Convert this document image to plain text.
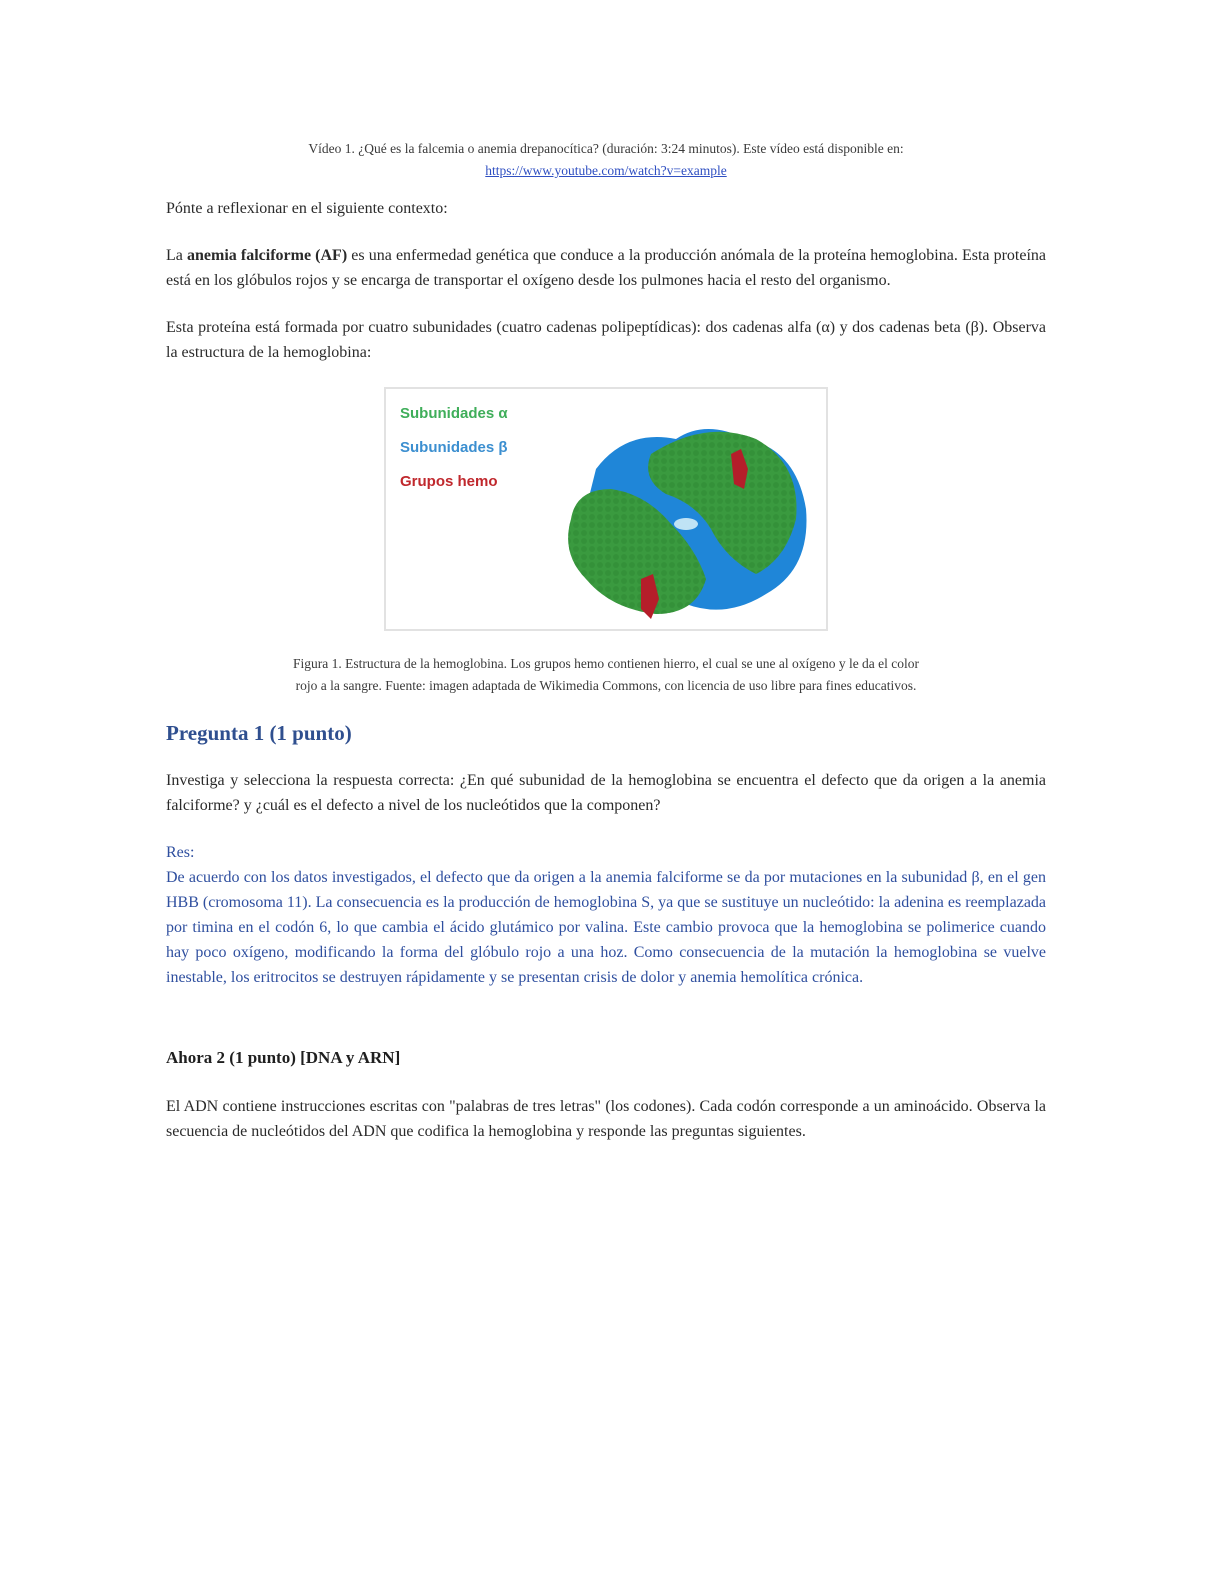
Vídeo 1. ¿Qué es la falcemia o anemia drepanocítica? (duración: 3:24 minutos). Este vídeo está disponible en:
https://www.youtube.com/watch?v=example

Pónte a reflexionar en el siguiente contexto:

La anemia falciforme (AF) es una enfermedad genética que conduce a la producción anómala de la proteína hemoglobina. Esta proteína está en los glóbulos rojos y se encarga de transportar el oxígeno desde los pulmones hacia el resto del organismo.

Esta proteína está formada por cuatro subunidades (cuatro cadenas polipeptídicas): dos cadenas alfa (α) y dos cadenas beta (β). Observa la estructura de la hemoglobina:

Subunidades α
Subunidades β
Grupos hemo
Figura 1. Estructura de la hemoglobina. Los grupos hemo contienen hierro, el cual se une al oxígeno y le da el color rojo a la sangre. Fuente: imagen adaptada de Wikimedia Commons, con licencia de uso libre para fines educativos.
Pregunta 1 (1 punto)

Investiga y selecciona la respuesta correcta: ¿En qué subunidad de la hemoglobina se encuentra el defecto que da origen a la anemia falciforme? y ¿cuál es el defecto a nivel de los nucleótidos que la componen?

Res:

De acuerdo con los datos investigados, el defecto que da origen a la anemia falciforme se da por mutaciones en la subunidad β, en el gen HBB (cromosoma 11). La consecuencia es la producción de hemoglobina S, ya que se sustituye un nucleótido: la adenina es reemplazada por timina en el codón 6, lo que cambia el ácido glutámico por valina. Este cambio provoca que la hemoglobina se polimerice cuando hay poco oxígeno, modificando la forma del glóbulo rojo a una hoz. Como consecuencia de la mutación la hemoglobina se vuelve inestable, los eritrocitos se destruyen rápidamente y se presentan crisis de dolor y anemia hemolítica crónica.

Ahora 2 (1 punto) [DNA y ARN]

El ADN contiene instrucciones escritas con "palabras de tres letras" (los codones). Cada codón corresponde a un aminoácido. Observa la secuencia de nucleótidos del ADN que codifica la hemoglobina y responde las preguntas siguientes.
